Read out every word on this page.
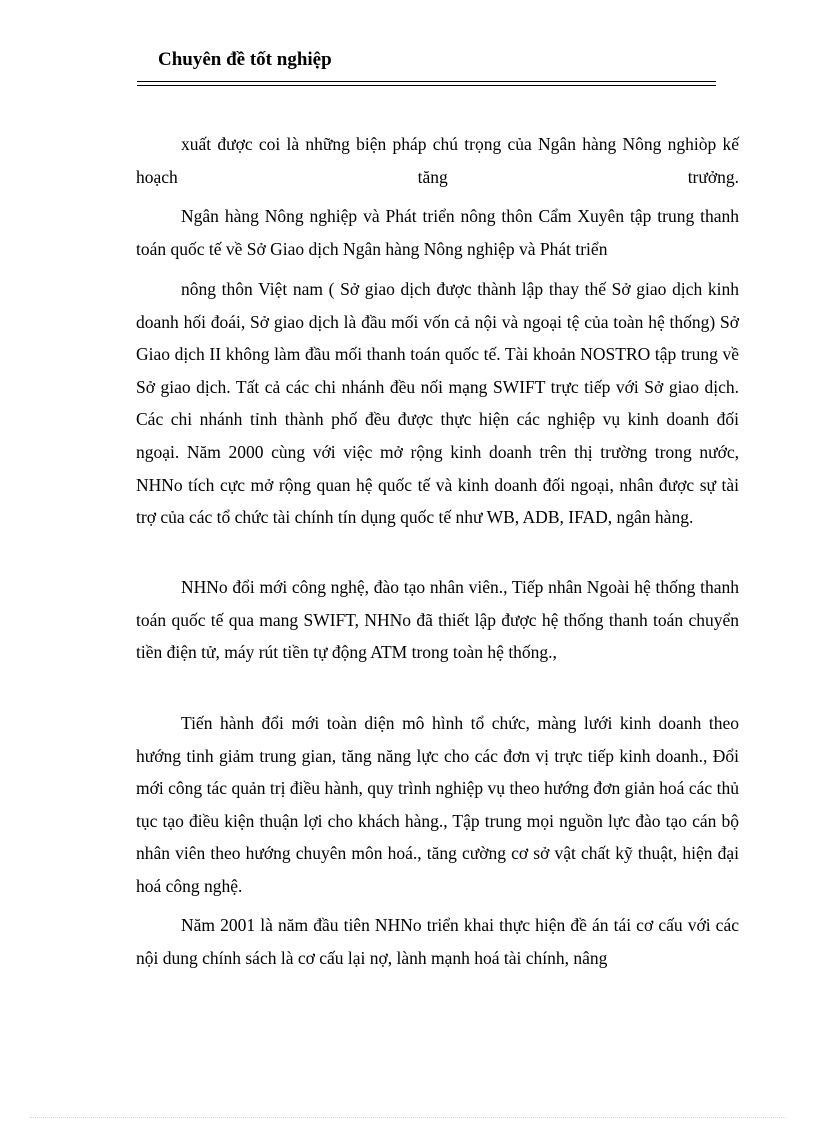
Chuyên đề tốt nghiệp

xuất được coi là những biện pháp chú trọng của Ngân hàng Nông nghiòp kế hoạch tăng trưởng.

Ngân hàng Nông nghiệp và Phát triển nông thôn Cẩm Xuyên tập trung thanh toán quốc tế về Sở Giao dịch Ngân hàng Nông nghiệp và Phát triển

nông thôn Việt nam ( Sở giao dịch được thành lập thay thế Sở giao dịch kinh doanh hối đoái, Sở giao dịch là đầu mối vốn cả nội và ngoại tệ của toàn hệ thống) Sở Giao dịch II không làm đầu mối thanh toán quốc tế. Tài khoản NOSTRO tập trung về Sở giao dịch. Tất cả các chi nhánh đều nối mạng SWIFT trực tiếp với Sở giao dịch. Các chi nhánh tỉnh thành phố đều được thực hiện các nghiệp vụ kinh doanh đối ngoại. Năm 2000 cùng với việc mở rộng kinh doanh trên thị trường trong nước, NHNo tích cực mở rộng quan hệ quốc tế và kinh doanh đối ngoại, nhân được sự tài trợ của các tổ chức tài chính tín dụng quốc tế như WB, ADB, IFAD, ngân hàng.

NHNo đổi mới công nghệ, đào tạo nhân viên., Tiếp nhân Ngoài hệ thống thanh toán quốc tế qua mang SWIFT, NHNo đã thiết lập được hệ thống thanh toán chuyển tiền điện tử, máy rút tiền tự động ATM trong toàn hệ thống.,

Tiến hành đổi mới toàn diện mô hình tổ chức, màng lưới kinh doanh theo hướng tinh giảm trung gian, tăng năng lực cho các đơn vị trực tiếp kinh doanh., Đổi mới công tác quản trị điều hành, quy trình nghiệp vụ theo hướng đơn giản hoá các thủ tục tạo điều kiện thuận lợi cho khách hàng., Tập trung mọi nguồn lực đào tạo cán bộ nhân viên theo hướng chuyên môn hoá., tăng cường cơ sở vật chất kỹ thuật, hiện đại hoá công nghệ.

Năm 2001 là năm đầu tiên NHNo triển khai thực hiện đề án tái cơ cấu với các nội dung chính sách là cơ cấu lại nợ, lành mạnh hoá tài chính, nâng
